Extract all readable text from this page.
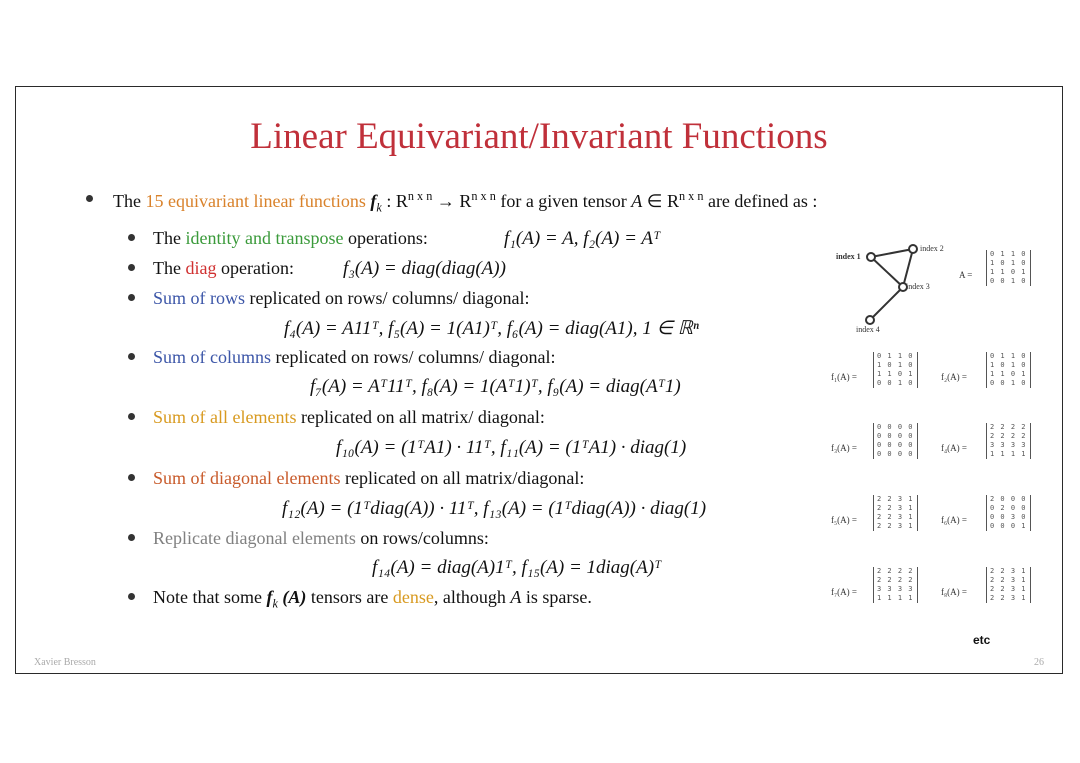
Linear Equivariant/Invariant Functions
The 15 equivariant linear functions $f_k$ : $R^{n x n} \to R^{n x n}$ for a given tensor A ∈ $R^{n x n}$ are defined as :
The identity and transpose operations:	f₁(A) = A, f₂(A) = Aᵀ
The diag operation:	f₃(A) = diag(diag(A))
Sum of rows replicated on rows/ columns/ diagonal:
f₄(A) = A11ᵀ, f₅(A) = 1(A1)ᵀ, f₆(A) = diag(A1), 1 ∈ ℝⁿ
Sum of columns replicated on rows/ columns/ diagonal:
f₇(A) = Aᵀ11ᵀ, f₈(A) = 1(Aᵀ1)ᵀ, f₉(A) = diag(Aᵀ1)
Sum of all elements replicated on all matrix/ diagonal:
f₁₀(A) = (1ᵀA1) · 11ᵀ, f₁₁(A) = (1ᵀA1) · diag(1)
Sum of diagonal elements replicated on all matrix/diagonal:
f₁₂(A) = (1ᵀdiag(A)) · 11ᵀ, f₁₃(A) = (1ᵀdiag(A)) · diag(1)
Replicate diagonal elements on rows/columns:
f₁₄(A) = diag(A)1ᵀ, f₁₅(A) = 1diag(A)ᵀ
Note that some $f_k$ (A) tensors are dense, although A is sparse.
index 1
index 2
index 3
index 4
A =
0 1 1 0
1 0 1 0
1 1 0 1
0 0 1 0
f₁(A) =
0 1 1 0
1 0 1 0
1 1 0 1
0 0 1 0
f₂(A) =
0 1 1 0
1 0 1 0
1 1 0 1
0 0 1 0
f₃(A) =
0 0 0 0
0 0 0 0
0 0 0 0
0 0 0 0
f₄(A) =
2 2 2 2
2 2 2 2
3 3 3 3
1 1 1 1
f₅(A) =
2 2 3 1
2 2 3 1
2 2 3 1
2 2 3 1
f₆(A) =
2 0 0 0
0 2 0 0
0 0 3 0
0 0 0 1
f₇(A) =
2 2 2 2
2 2 2 2
3 3 3 3
1 1 1 1
f₈(A) =
2 2 3 1
2 2 3 1
2 2 3 1
2 2 3 1
etc
Xavier Bresson	26
